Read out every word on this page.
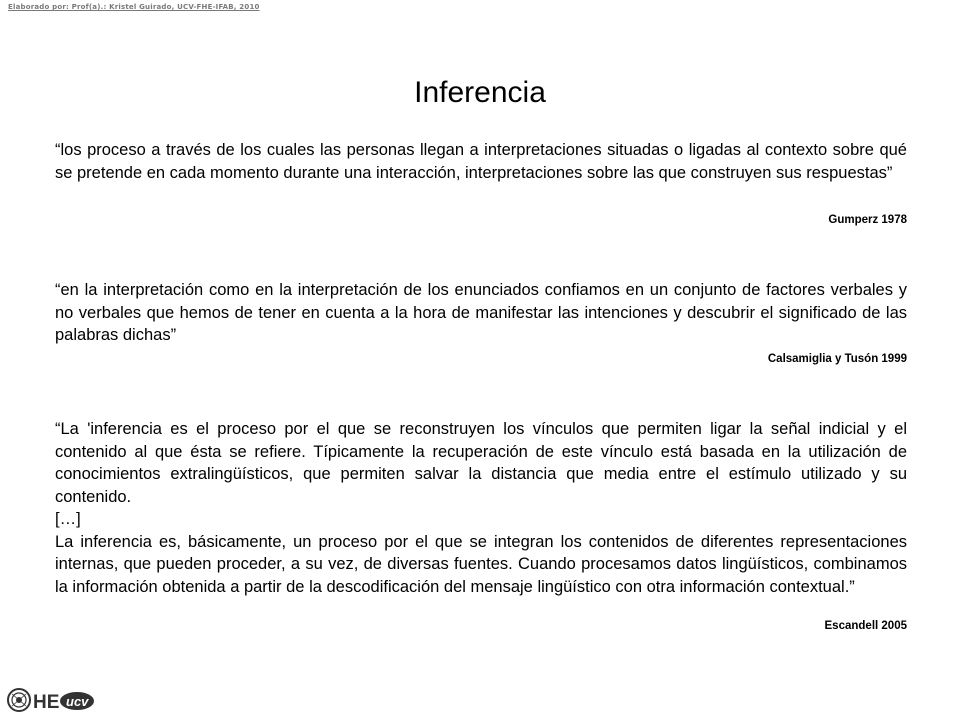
Elaborado por: Prof(a).: Kristel Guirado, UCV-FHE-IFAB, 2010
Inferencia

“los proceso a través de los cuales las personas llegan a interpretaciones situadas o ligadas al contexto sobre qué se pretende en cada momento durante una interacción, interpretaciones sobre las que construyen sus respuestas”

Gumperz 1978

“en la interpretación como en la interpretación de los enunciados confiamos en un conjunto de factores verbales y no verbales que hemos de tener en cuenta a la hora de manifestar las intenciones y descubrir el significado de las palabras dichas”

Calsamiglia y Tusón 1999

“La 'inferencia es el proceso por el que se reconstruyen los vínculos que permiten ligar la señal indicial y el contenido al que ésta se refiere. Típicamente la recuperación de este vínculo está basada en la utilización de conocimientos extralingüísticos, que permiten salvar la distancia que media entre el estímulo utilizado y su contenido.

[…]

La inferencia es, básicamente, un proceso por el que se integran los contenidos de diferentes representaciones internas, que pueden proceder, a su vez, de diversas fuentes. Cuando procesamos datos lingüísticos, combinamos la información obtenida a partir de la descodificación del mensaje lingüístico con otra información contextual.”

Escandell 2005
HE ucv
